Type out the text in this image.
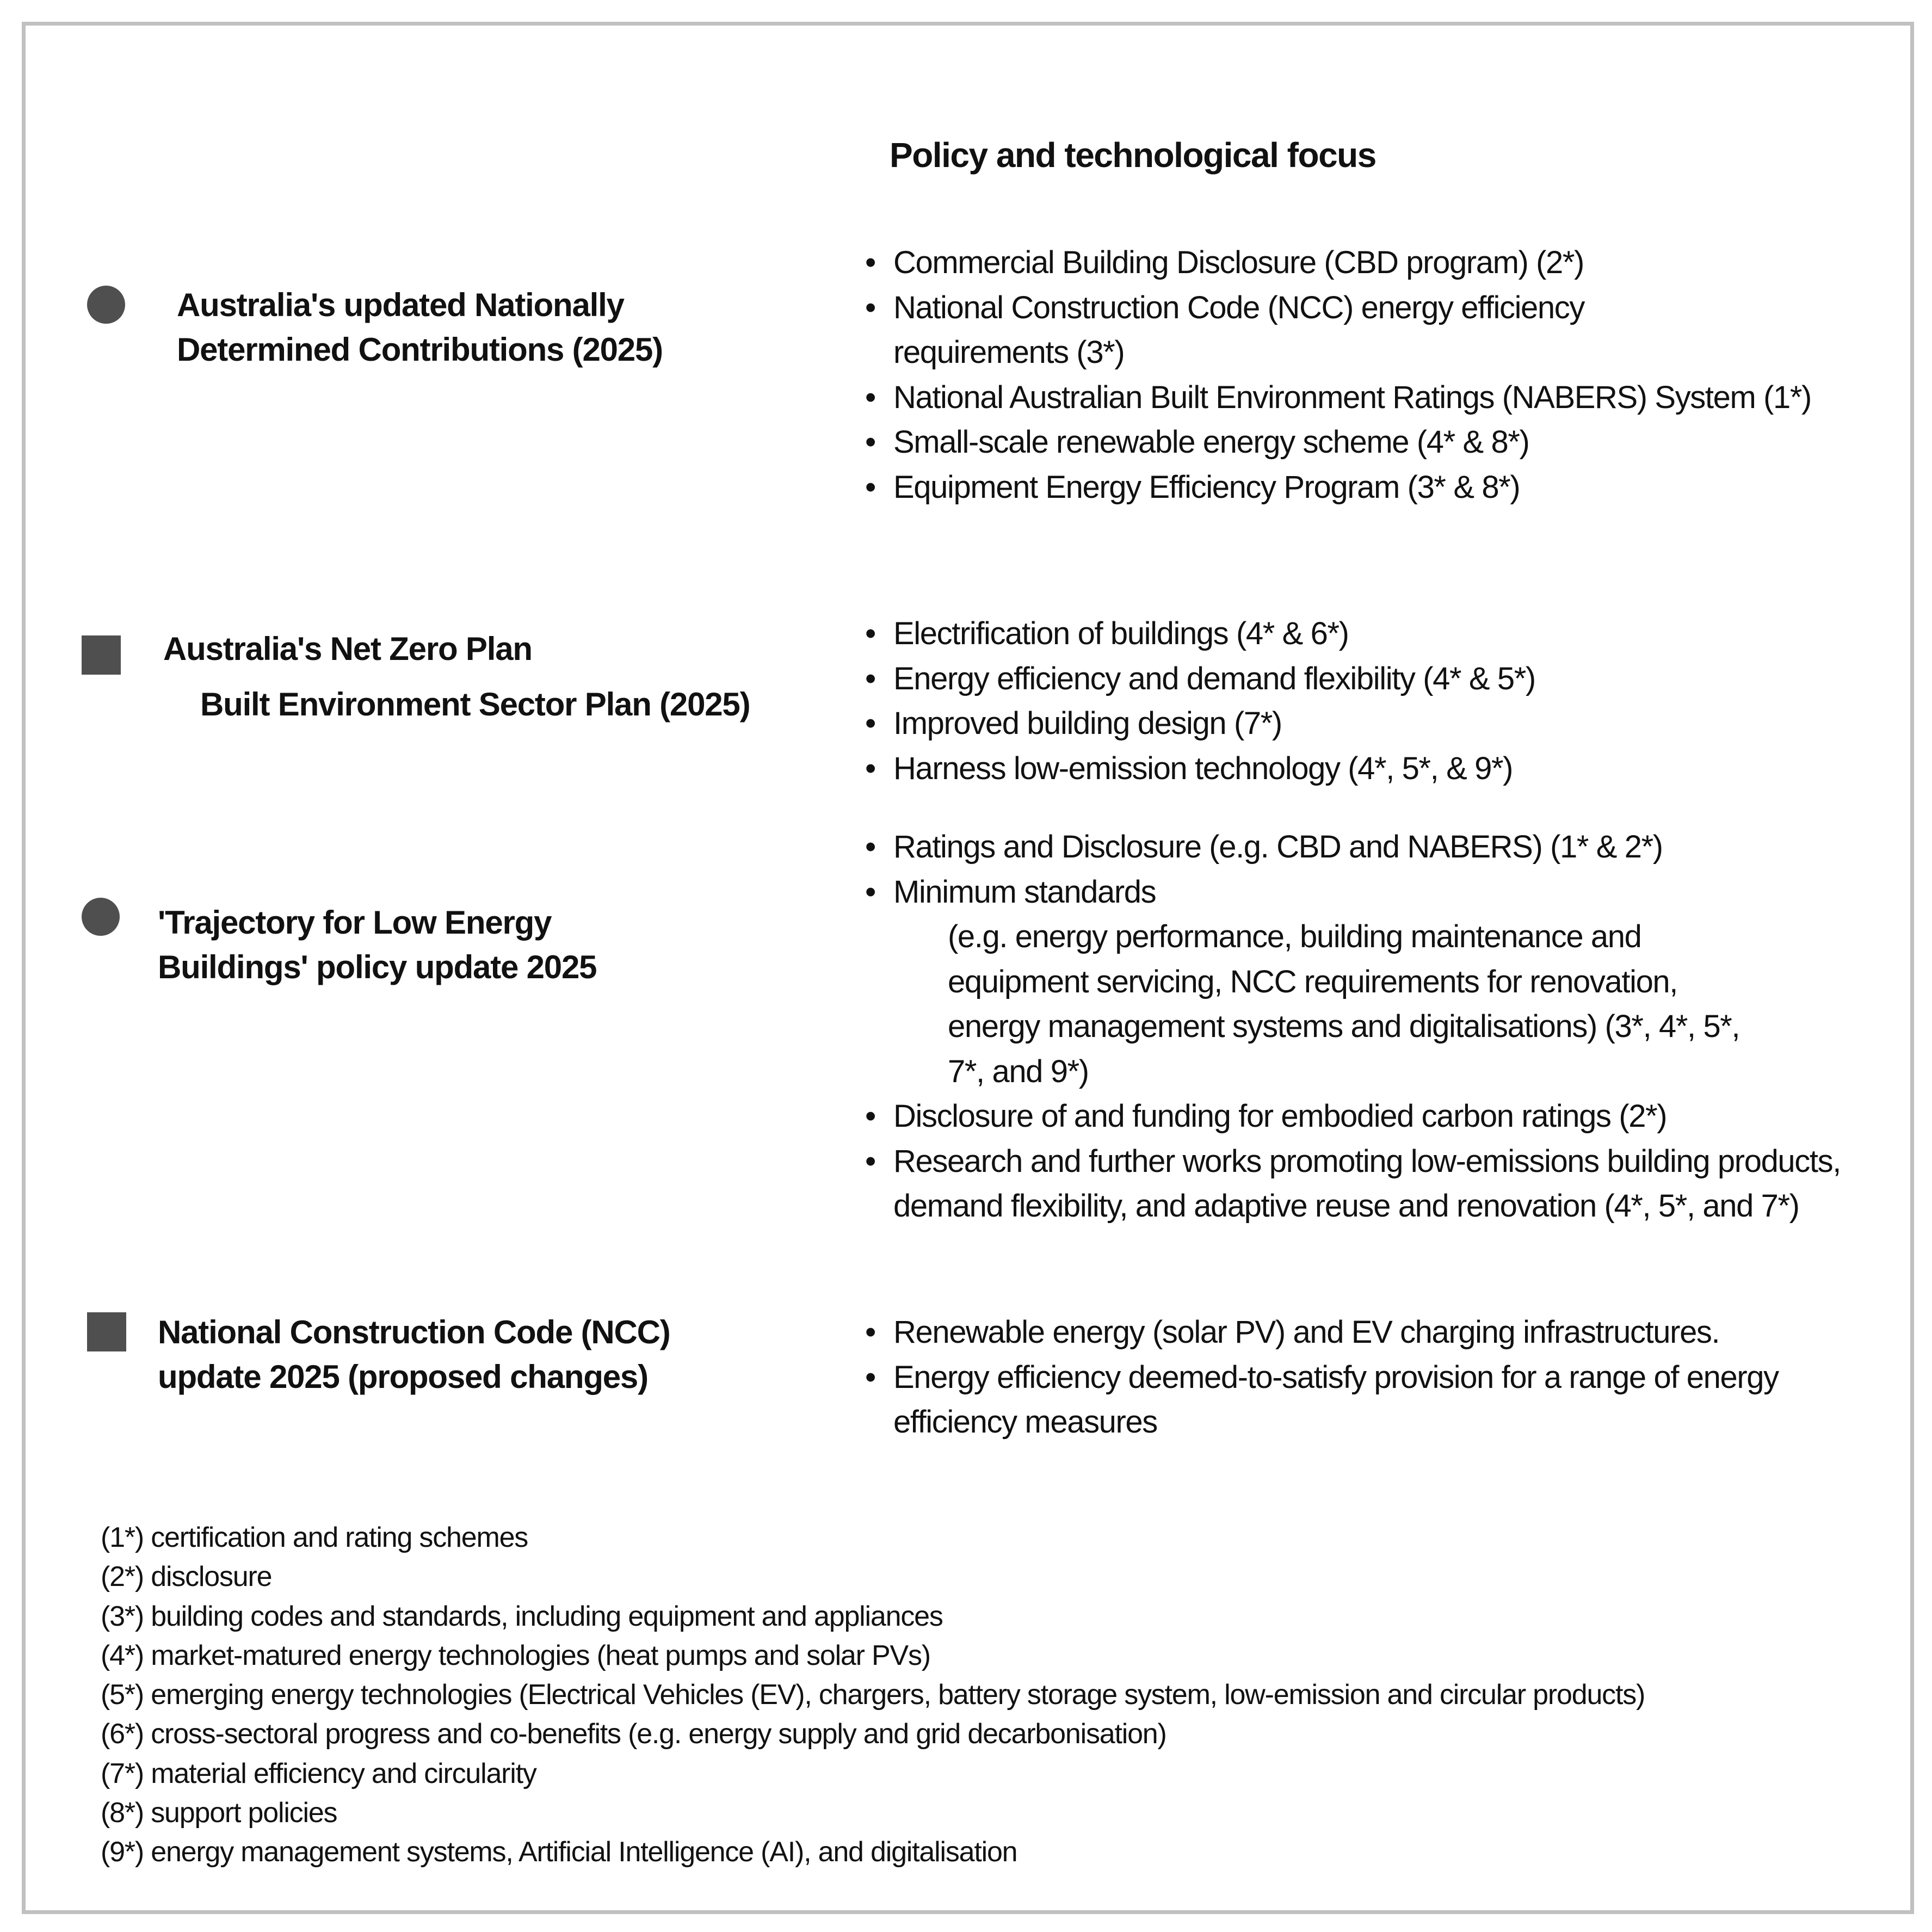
Policy and technological focus
Australia's updated Nationally
Determined Contributions (2025)
• Commercial Building Disclosure (CBD program) (2*)
• National Construction Code (NCC) energy efficiency requirements (3*)
• National Australian Built Environment Ratings (NABERS) System (1*)
• Small-scale renewable energy scheme (4* & 8*)
• Equipment Energy Efficiency Program (3* & 8*)
Australia's Net Zero Plan
Built Environment Sector Plan (2025)
• Electrification of buildings (4* & 6*)
• Energy efficiency and demand flexibility (4* & 5*)
• Improved building design (7*)
• Harness low-emission technology (4*, 5*, & 9*)
'Trajectory for Low Energy
Buildings' policy update 2025
• Ratings and Disclosure (e.g. CBD and NABERS) (1* & 2*)
• Minimum standards
(e.g. energy performance, building maintenance and equipment servicing, NCC requirements for renovation, energy management systems and digitalisations) (3*, 4*, 5*, 7*, and 9*)
• Disclosure of and funding for embodied carbon ratings (2*)
• Research and further works promoting low-emissions building products, demand flexibility, and adaptive reuse and renovation (4*, 5*, and 7*)
National Construction Code (NCC)
update 2025 (proposed changes)
• Renewable energy (solar PV) and EV charging infrastructures.
• Energy efficiency deemed-to-satisfy provision for a range of energy efficiency measures
(1*) certification and rating schemes
(2*) disclosure
(3*) building codes and standards, including equipment and appliances
(4*) market-matured energy technologies (heat pumps and solar PVs)
(5*) emerging energy technologies (Electrical Vehicles (EV), chargers, battery storage system, low-emission and circular products)
(6*) cross-sectoral progress and co-benefits (e.g. energy supply and grid decarbonisation)
(7*) material efficiency and circularity
(8*) support policies
(9*) energy management systems, Artificial Intelligence (AI), and digitalisation
